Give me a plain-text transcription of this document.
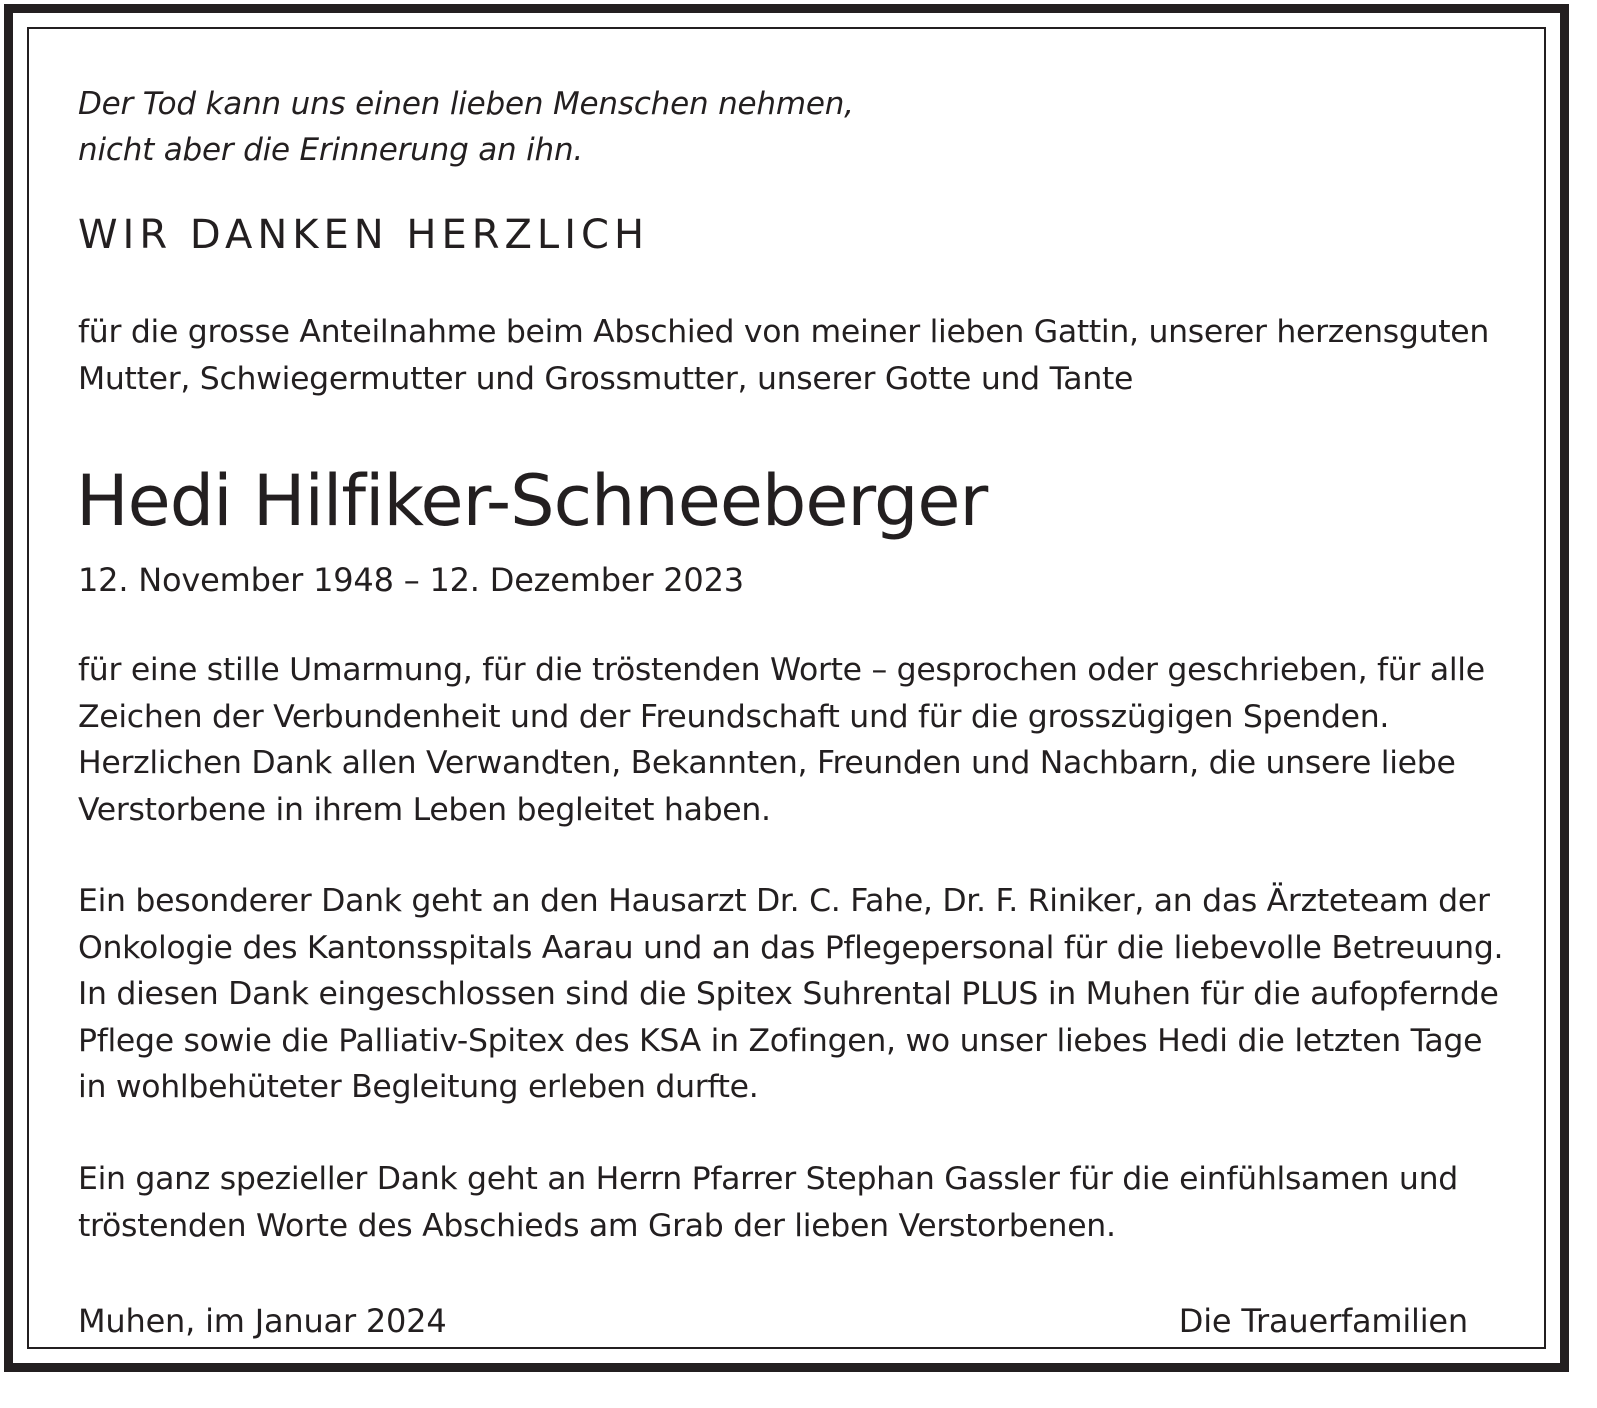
Der Tod kann uns einen lieben Menschen nehmen,
nicht aber die Erinnerung an ihn.
WIR DANKEN HERZLICH
für die grosse Anteilnahme beim Abschied von meiner lieben Gattin, unserer herzensguten
Mutter, Schwiegermutter und Grossmutter, unserer Gotte und Tante
Hedi Hilfiker-Schneeberger
12. November 1948 – 12. Dezember 2023
für eine stille Umarmung, für die tröstenden Worte – gesprochen oder geschrieben, für alle
Zeichen der Verbundenheit und der Freundschaft und für die grosszügigen Spenden.
Herzlichen Dank allen Verwandten, Bekannten, Freunden und Nachbarn, die unsere liebe
Verstorbene in ihrem Leben begleitet haben.
Ein besonderer Dank geht an den Hausarzt Dr. C. Fahe, Dr. F. Riniker, an das Ärzteteam der
Onkologie des Kantonsspitals Aarau und an das Pflegepersonal für die liebevolle Betreuung.
In diesen Dank eingeschlossen sind die Spitex Suhrental PLUS in Muhen für die aufopfernde
Pflege sowie die Palliativ-Spitex des KSA in Zofingen, wo unser liebes Hedi die letzten Tage
in wohlbehüteter Begleitung erleben durfte.
Ein ganz spezieller Dank geht an Herrn Pfarrer Stephan Gassler für die einfühlsamen und
tröstenden Worte des Abschieds am Grab der lieben Verstorbenen.
Muhen, im Januar 2024	Die Trauerfamilien
